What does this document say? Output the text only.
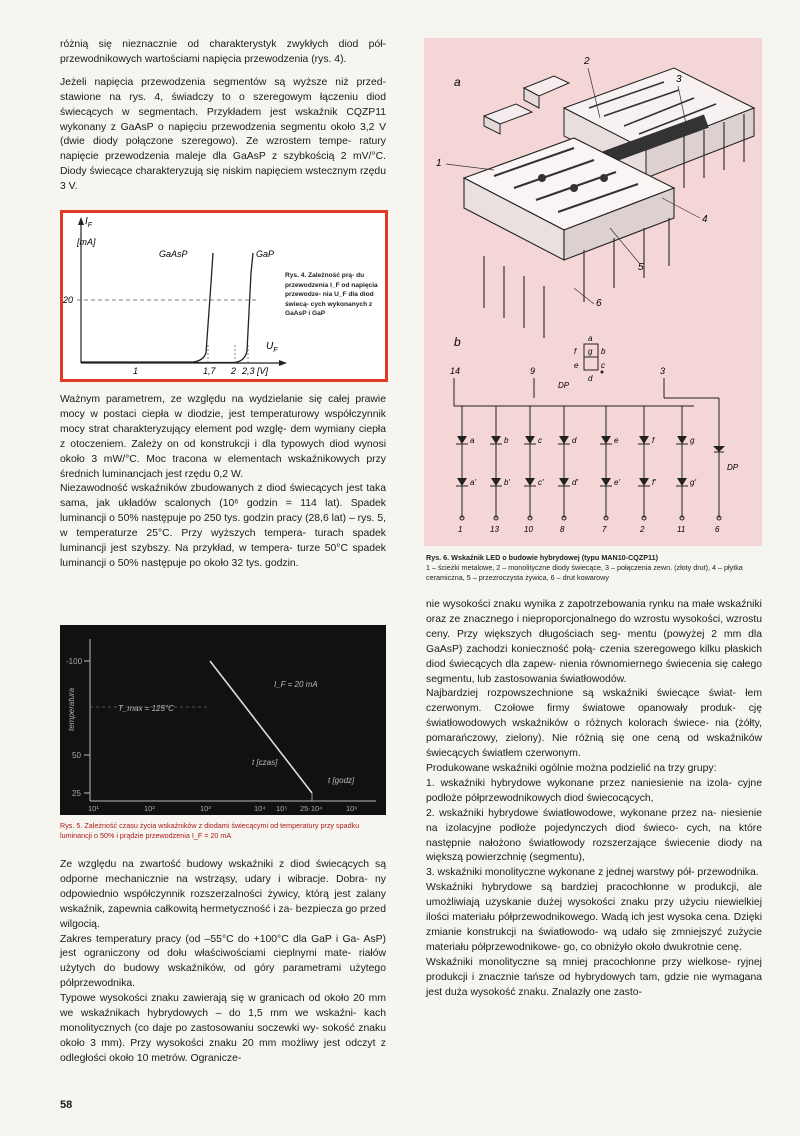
różnią się nieznacznie od charakterystyk zwykłych diod pół- przewodnikowych wartościami napięcia przewodzenia (rys. 4).

Jeżeli napięcia przewodzenia segmentów są wyższe niż przed- stawione na rys. 4, świadczy to o szeregowym łączeniu diod świecących w segmentach. Przykładem jest wskaźnik CQZP11 wykonany z GaAsP o napięciu przewodzenia segmentu około 3,2 V (dwie diody połączone szeregowo). Ze wzrostem tempe- ratury napięcie przewodzenia maleje dla GaAsP z szybkością 2 mV/°C. Diody świecące charakteryzują się niskim napięciem wstecznym rzędu 3 V.

$I_F$
[mA]
GaAsP	GaP
20
1	1,7 2 2,3 [V]
$U_F$
Rys. 4. Zależność prą- du przewodzenia I_F od napięcia przewodze- nia U_F dla diod świecą- cych wykonanych z GaAsP i GaP

Ważnym parametrem, ze względu na wydzielanie się całej prawie mocy w postaci ciepła w diodzie, jest temperaturowy współczynnik mocy strat charakteryzujący element pod wzglę- dem wymiany ciepła z otoczeniem. Zależy on od konstrukcji i dla typowych diod wynosi około 3 mW/°C. Moc tracona w elementach wskaźnikowych przy średnich luminancjach jest rzędu 0,2 W.

Niezawodność wskaźników zbudowanych z diod świecących jest taka sama, jak układów scalonych (10⁶ godzin = 114 lat). Spadek luminancji o 50% następuje po 250 tys. godzin pracy (28,6 lat) – rys. 5, w temperaturze 25°C. Przy wyższych tempera- turach spadek luminancji jest szybszy. Na przykład, w tempera- turze 50°C spadek luminancji o 50% następuje po około 32 tys. godzin.

temperatura
-100
50
25
10¹	10²	10³	10⁴ 10⁵ 25·10⁴	10⁶
I_F = 20 mA
T_max = 125°C
t [czas]
t [godz]
Rys. 5. Zależność czasu życia wskaźników z diodami świecącymi od temperatury przy spadku luminancji o 50% i prądzie przewodzenia I_F = 20 mA

Ze względu na zwartość budowy wskaźniki z diod świecących są odporne mechanicznie na wstrząsy, udary i wibracje. Dobra- ny odpowiednio współczynnik rozszerzalności żywicy, którą jest zalany wskaźnik, zapewnia całkowitą hermetyczność i za- bezpiecza go przed wilgocią.

Zakres temperatury pracy (od –55°C do +100°C dla GaP i Ga- AsP) jest ograniczony od dołu właściwościami cieplnymi mate- riałów użytych do budowy wskaźników, od góry parametrami użytego półprzewodnika.

Typowe wysokości znaku zawierają się w granicach od około 20 mm we wskaźnikach hybrydowych – do 1,5 mm we wskaźni- kach monolitycznych (co daje po zastosowaniu soczewki wy- sokość znaku około 3 mm). Przy wysokości znaku 20 mm możliwy jest odczyt z odległości około 10 metrów. Ogranicze-

a
1
2
3
4
5
6
b	a
f g b
e	c
d
DP
14	9	3
DP
a
a'
b
b'
c
c'
d
d'
e
e'
f
f'
g
g'
1	13	10	8	7	2	11	6
Rys. 6. Wskaźnik LED o budowie hybrydowej (typu MAN10-CQZP11)
1 – ścieżki metalowe, 2 – monolityczne diody świecące, 3 – połączenia zewn. (złoty drut), 4 – płytka ceramiczna, 5 – przezroczysta żywica, 6 – drut kowarowy

nie wysokości znaku wynika z zapotrzebowania rynku na małe wskaźniki oraz ze znacznego i nieproporcjonalnego do wzrostu wysokości, wzrostu ceny. Przy większych długościach seg- mentu (powyżej 2 mm dla GaAsP) zachodzi konieczność połą- czenia szeregowego kilku płaskich diod świecących dla zapew- nienia równomiernego świecenia się całego segmentu, lub zastosowania światłowodów.

Najbardziej rozpowszechnione są wskaźniki świecące świat- łem czerwonym. Czołowe firmy światowe opanowały produk- cję światłowodowych wskaźników o różnych kolorach świece- nia (żółty, pomarańczowy, zielony). Nie różnią się one ceną od wskaźników świecących światłem czerwonym.

Produkowane wskaźniki ogólnie można podzielić na trzy grupy:

1. wskaźniki hybrydowe wykonane przez naniesienie na izola- cyjne podłoże półprzewodnikowych diod świecocących,

2. wskaźniki hybrydowe światłowodowe, wykonane przez na- niesienie na izolacyjne podłoże pojedynczych diod świeco- cych, na które następnie nałożono światłowody rozszerzające świecenie diody na większą powierzchnię (segmentu),

3. wskaźniki monolityczne wykonane z jednej warstwy pół- przewodnika.

Wskaźniki hybrydowe są bardziej pracochłonne w produkcji, ale umożliwiają uzyskanie dużej wysokości znaku przy użyciu niewielkiej ilości materiału półprzewodnikowego. Wadą ich jest wysoka cena. Dzięki zmianie konstrukcji na światłowodo- wą udało się zmniejszyć zużycie materiału półprzewodnikowe- go, co obniżyło około dwukrotnie cenę.

Wskaźniki monolityczne są mniej pracochłonne przy wielkose- ryjnej produkcji i znacznie tańsze od hybrydowych tam, gdzie nie wymagana jest duża wysokość znaku. Znalazły one zasto-

58
